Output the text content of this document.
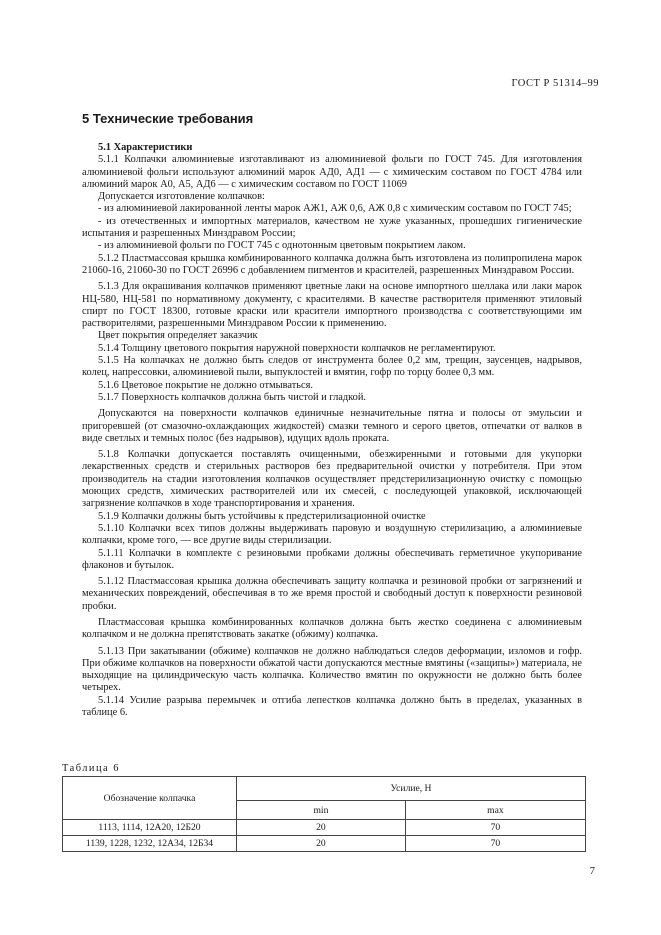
ГОСТ Р 51314–99
5 Технические требования

5.1 Характеристики

5.1.1 Колпачки алюминиевые изготавливают из алюминиевой фольги по ГОСТ 745. Для изготовления алюминиевой фольги используют алюминий марок АД0, АД1 — с химическим составом по ГОСТ 4784 или алюминий марок А0, А5, АД6 — с химическим составом по ГОСТ 11069

Допускается изготовление колпачков:

- из алюминиевой лакированной ленты марок АЖ1, АЖ 0,6, АЖ 0,8 с химическим составом по ГОСТ 745;

- из отечественных и импортных материалов, качеством не хуже указанных, прошедших гигиенические испытания и разрешенных Минздравом России;

- из алюминиевой фольги по ГОСТ 745 с однотонным цветовым покрытием лаком.

5.1.2 Пластмассовая крышка комбинированного колпачка должна быть изготовлена из полипропилена марок 21060-16, 21060-30 по ГОСТ 26996 с добавлением пигментов и красителей, разрешенных Минздравом России.

5.1.3 Для окрашивания колпачков применяют цветные лаки на основе импортного шеллака или лаки марок НЦ-580, НЦ-581 по нормативному документу, с красителями. В качестве растворителя применяют этиловый спирт по ГОСТ 18300, готовые краски или красители импортного производства с соответствующими им растворителями, разрешенными Минздравом России к применению.

Цвет покрытия определяет заказчик

5.1.4 Толщину цветового покрытия наружной поверхности колпачков не регламентируют.

5.1.5 На колпачках не должно быть следов от инструмента более 0,2 мм, трещин, заусенцев, надрывов, колец, напрессовки, алюминиевой пыли, выпуклостей и вмятин, гофр по торцу более 0,3 мм.

5.1.6 Цветовое покрытие не должно отмываться.

5.1.7 Поверхность колпачков должна быть чистой и гладкой.

Допускаются на поверхности колпачков единичные незначительные пятна и полосы от эмульсии и пригоревшей (от смазочно-охлаждающих жидкостей) смазки темного и серого цветов, отпечатки от валков в виде светлых и темных полос (без надрывов), идущих вдоль проката.

5.1.8 Колпачки допускается поставлять очищенными, обезжиренными и готовыми для укупорки лекарственных средств и стерильных растворов без предварительной очистки у потребителя. При этом производитель на стадии изготовления колпачков осуществляет предстерилизационную очистку с помощью моющих средств, химических растворителей или их смесей, с последующей упаковкой, исключающей загрязнение колпачков в ходе транспортирования и хранения.

5.1.9 Колпачки должны быть устойчивы к предстерилизационной очистке

5.1.10 Колпачки всех типов должны выдерживать паровую и воздушную стерилизацию, а алюминиевые колпачки, кроме того, — все другие виды стерилизации.

5.1.11 Колпачки в комплекте с резиновыми пробками должны обеспечивать герметичное укупоривание флаконов и бутылок.

5.1.12 Пластмассовая крышка должна обеспечивать защиту колпачка и резиновой пробки от загрязнений и механических повреждений, обеспечивая в то же время простой и свободный доступ к поверхности резиновой пробки.

Пластмассовая крышка комбинированных колпачков должна быть жестко соединена с алюминиевым колпачком и не должна препятствовать закатке (обжиму) колпачка.

5.1.13 При закатывании (обжиме) колпачков не должно наблюдаться следов деформации, изломов и гофр. При обжиме колпачков на поверхности обжатой части допускаются местные вмятины («защипы») материала, не выходящие на цилиндрическую часть колпачка. Количество вмятин по окружности не должно быть более четырех.

5.1.14 Усилие разрыва перемычек и отгиба лепестков колпачка должно быть в пределах, указанных в таблице 6.

Таблица 6
Обозначение колпачка	Усилие, Н	
	min	max
1113, 1114, 12А20, 12Б20	20	70
1139, 1228, 1232, 12А34, 12Б34	20	70
7
